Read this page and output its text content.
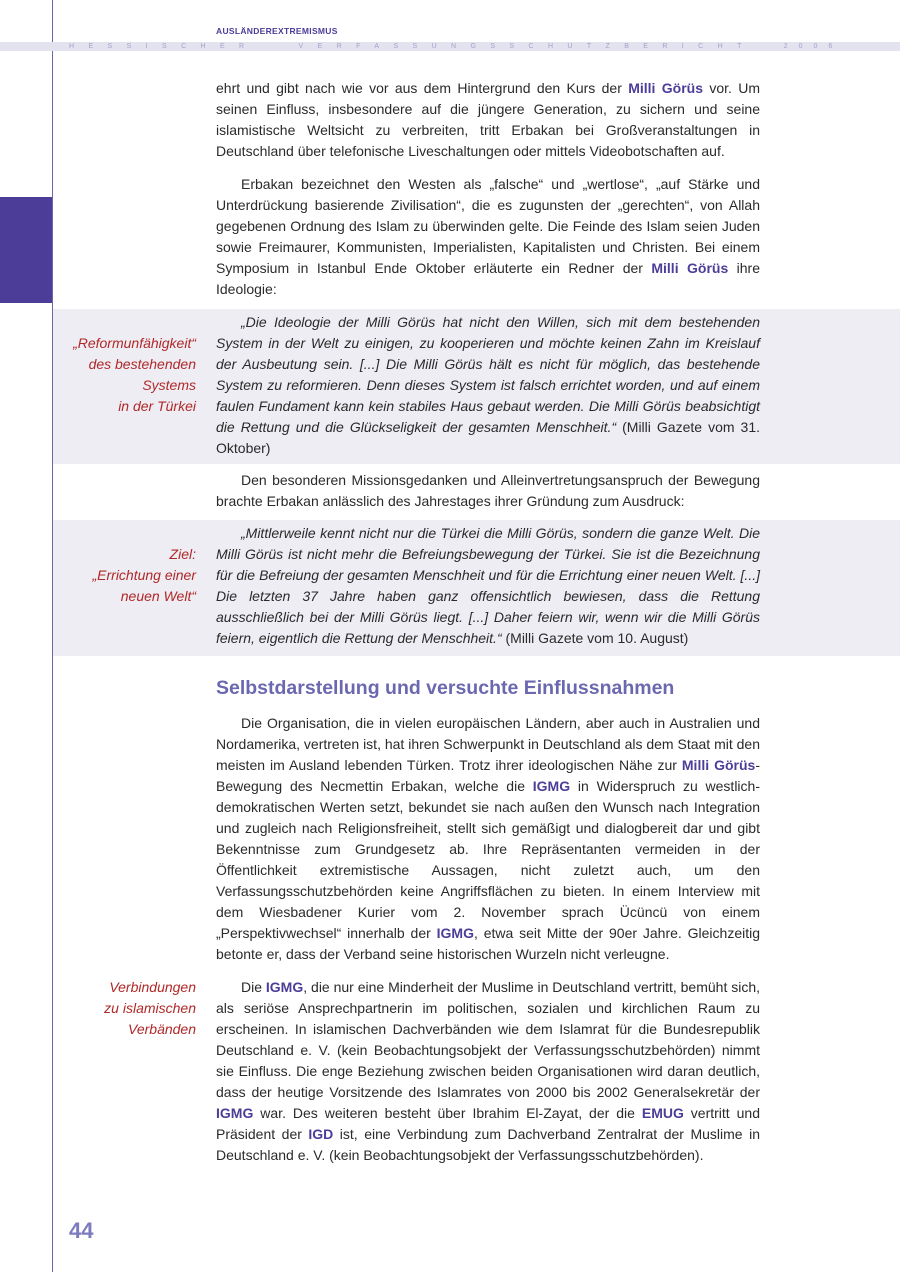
AUSLÄNDEREXTREMISMUS
HESSISCHER	VERFASSUNGSSCHUTZBERICHT	2006

ehrt und gibt nach wie vor aus dem Hintergrund den Kurs der Milli Görüs vor. Um seinen Einfluss, insbesondere auf die jüngere Generation, zu sichern und seine islamistische Weltsicht zu verbreiten, tritt Erbakan bei Großveranstaltungen in Deutschland über telefonische Liveschaltungen oder mittels Videobotschaften auf.

Erbakan bezeichnet den Westen als „falsche“ und „wertlose“, „auf Stärke und Unterdrückung basierende Zivilisation“, die es zugunsten der „gerechten“, von Allah gegebenen Ordnung des Islam zu überwinden gelte. Die Feinde des Islam seien Juden sowie Freimaurer, Kommunisten, Imperialisten, Kapitalisten und Christen. Bei einem Symposium in Istanbul Ende Oktober erläuterte ein Redner der Milli Görüs ihre Ideologie:

„Reformunfähigkeit“
des bestehenden
Systems
in der Türkei

„Die Ideologie der Milli Görüs hat nicht den Willen, sich mit dem bestehenden System in der Welt zu einigen, zu kooperieren und möchte keinen Zahn im Kreislauf der Ausbeutung sein. [...] Die Milli Görüs hält es nicht für möglich, das bestehende System zu reformieren. Denn dieses System ist falsch errichtet worden, und auf einem faulen Fundament kann kein stabiles Haus gebaut werden. Die Milli Görüs beabsichtigt die Rettung und die Glückseligkeit der gesamten Menschheit.“ (Milli Gazete vom 31. Oktober)

Den besonderen Missionsgedanken und Alleinvertretungsanspruch der Bewegung brachte Erbakan anlässlich des Jahrestages ihrer Gründung zum Ausdruck:

Ziel:
„Errichtung einer
neuen Welt“

„Mittlerweile kennt nicht nur die Türkei die Milli Görüs, sondern die ganze Welt. Die Milli Görüs ist nicht mehr die Befreiungsbewegung der Türkei. Sie ist die Bezeichnung für die Befreiung der gesamten Menschheit und für die Errichtung einer neuen Welt. [...] Die letzten 37 Jahre haben ganz offensichtlich bewiesen, dass die Rettung ausschließlich bei der Milli Görüs liegt. [...] Daher feiern wir, wenn wir die Milli Görüs feiern, eigentlich die Rettung der Menschheit.“ (Milli Gazete vom 10. August)

Selbstdarstellung und versuchte Einflussnahmen

Die Organisation, die in vielen europäischen Ländern, aber auch in Australien und Nordamerika, vertreten ist, hat ihren Schwerpunkt in Deutschland als dem Staat mit den meisten im Ausland lebenden Türken. Trotz ihrer ideologischen Nähe zur Milli Görüs-Bewegung des Necmettin Erbakan, welche die IGMG in Widerspruch zu westlich-demokratischen Werten setzt, bekundet sie nach außen den Wunsch nach Integration und zugleich nach Religionsfreiheit, stellt sich gemäßigt und dialogbereit dar und gibt Bekenntnisse zum Grundgesetz ab. Ihre Repräsentanten vermeiden in der Öffentlichkeit extremistische Aussagen, nicht zuletzt auch, um den Verfassungsschutzbehörden keine Angriffsflächen zu bieten. In einem Interview mit dem Wiesbadener Kurier vom 2. November sprach Ücüncü von einem „Perspektivwechsel“ innerhalb der IGMG, etwa seit Mitte der 90er Jahre. Gleichzeitig betonte er, dass der Verband seine historischen Wurzeln nicht verleugne.

Verbindungen
zu islamischen
Verbänden

Die IGMG, die nur eine Minderheit der Muslime in Deutschland vertritt, bemüht sich, als seriöse Ansprechpartnerin im politischen, sozialen und kirchlichen Raum zu erscheinen. In islamischen Dachverbänden wie dem Islamrat für die Bundesrepublik Deutschland e. V. (kein Beobachtungsobjekt der Verfassungsschutzbehörden) nimmt sie Einfluss. Die enge Beziehung zwischen beiden Organisationen wird daran deutlich, dass der heutige Vorsitzende des Islamrates von 2000 bis 2002 Generalsekretär der IGMG war. Des weiteren besteht über Ibrahim El-Zayat, der die EMUG vertritt und Präsident der IGD ist, eine Verbindung zum Dachverband Zentralrat der Muslime in Deutschland e. V. (kein Beobachtungsobjekt der Verfassungsschutzbehörden).

44
